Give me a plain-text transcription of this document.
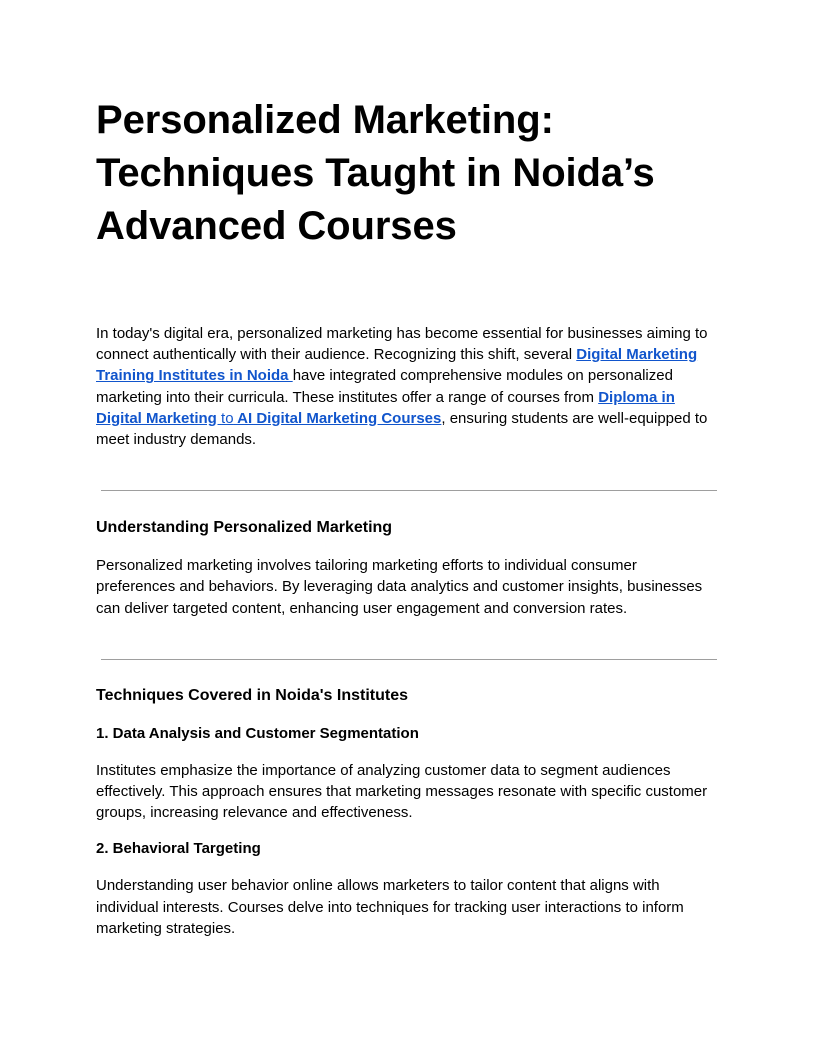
Personalized Marketing:
Techniques Taught in Noida’s
Advanced Courses

In today's digital era, personalized marketing has become essential for businesses aiming to connect authentically with their audience. Recognizing this shift, several Digital Marketing Training Institutes in Noida have integrated comprehensive modules on personalized marketing into their curricula. These institutes offer a range of courses from Diploma in Digital Marketing to AI Digital Marketing Courses, ensuring students are well-equipped to meet industry demands.

Understanding Personalized Marketing

Personalized marketing involves tailoring marketing efforts to individual consumer preferences and behaviors. By leveraging data analytics and customer insights, businesses can deliver targeted content, enhancing user engagement and conversion rates.

Techniques Covered in Noida's Institutes
1. Data Analysis and Customer Segmentation

Institutes emphasize the importance of analyzing customer data to segment audiences effectively. This approach ensures that marketing messages resonate with specific customer groups, increasing relevance and effectiveness.

2. Behavioral Targeting

Understanding user behavior online allows marketers to tailor content that aligns with individual interests. Courses delve into techniques for tracking user interactions to inform marketing strategies.
